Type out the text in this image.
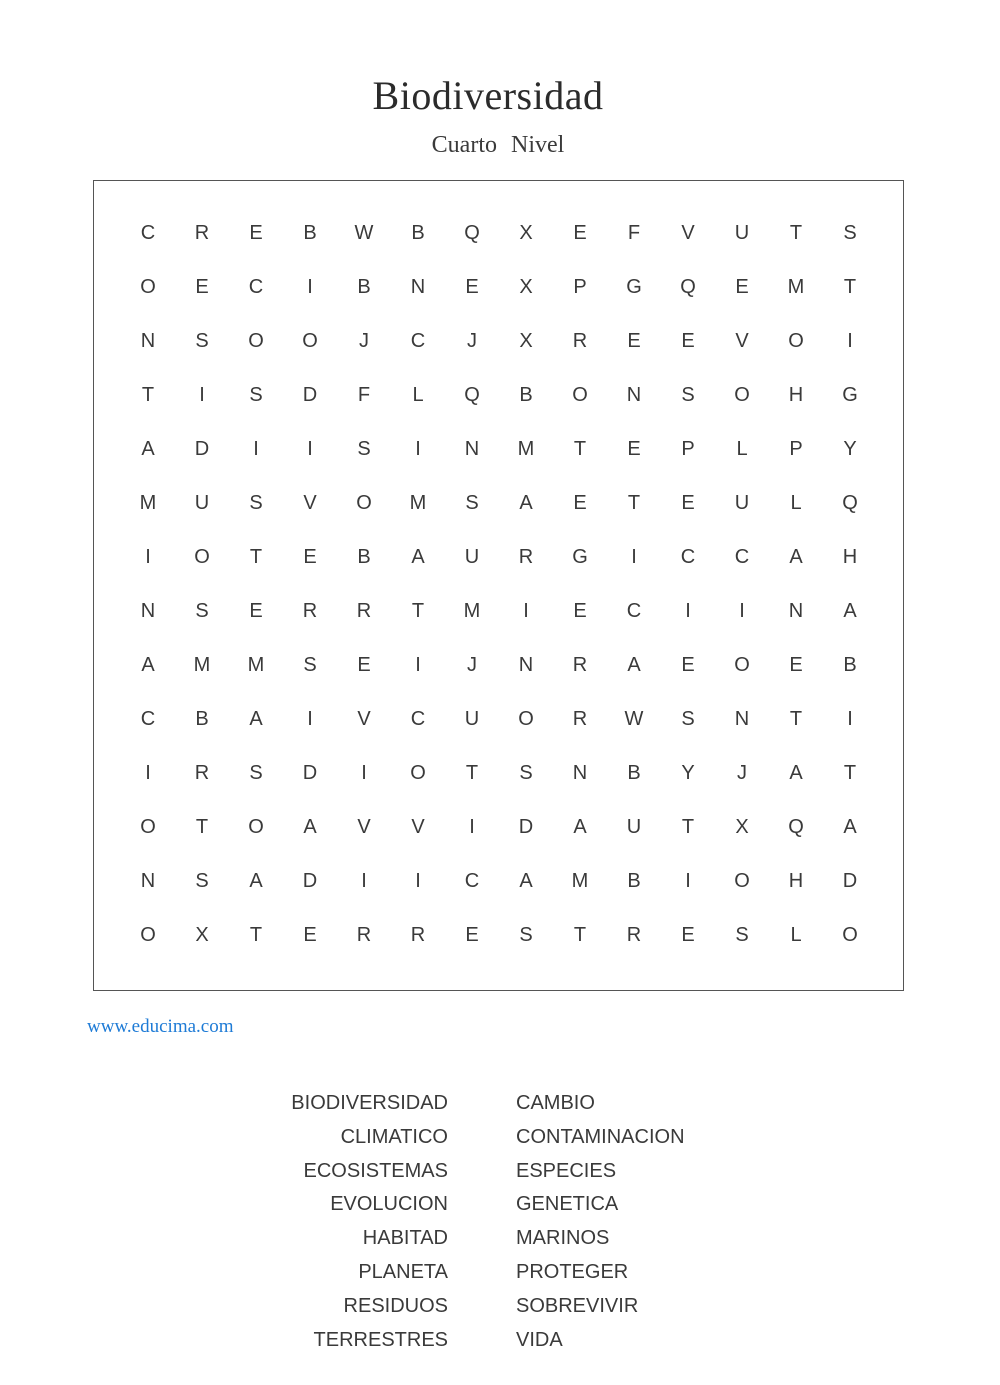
Biodiversidad
Cuarto Nivel
C	R	E	B	W	B	Q	X	E	F	V	U	T	S
O	E	C	I	B	N	E	X	P	G	Q	E	M	T
N	S	O	O	J	C	J	X	R	E	E	V	O	I
T	I	S	D	F	L	Q	B	O	N	S	O	H	G
A	D	I	I	S	I	N	M	T	E	P	L	P	Y
M	U	S	V	O	M	S	A	E	T	E	U	L	Q
I	O	T	E	B	A	U	R	G	I	C	C	A	H
N	S	E	R	R	T	M	I	E	C	I	I	N	A
A	M	M	S	E	I	J	N	R	A	E	O	E	B
C	B	A	I	V	C	U	O	R	W	S	N	T	I
I	R	S	D	I	O	T	S	N	B	Y	J	A	T
O	T	O	A	V	V	I	D	A	U	T	X	Q	A
N	S	A	D	I	I	C	A	M	B	I	O	H	D
O	X	T	E	R	R	E	S	T	R	E	S	L	O
www.educima.com
BIODIVERSIDAD
CLIMATICO
ECOSISTEMAS
EVOLUCION
HABITAD
PLANETA
RESIDUOS
TERRESTRES
CAMBIO
CONTAMINACION
ESPECIES
GENETICA
MARINOS
PROTEGER
SOBREVIVIR
VIDA
